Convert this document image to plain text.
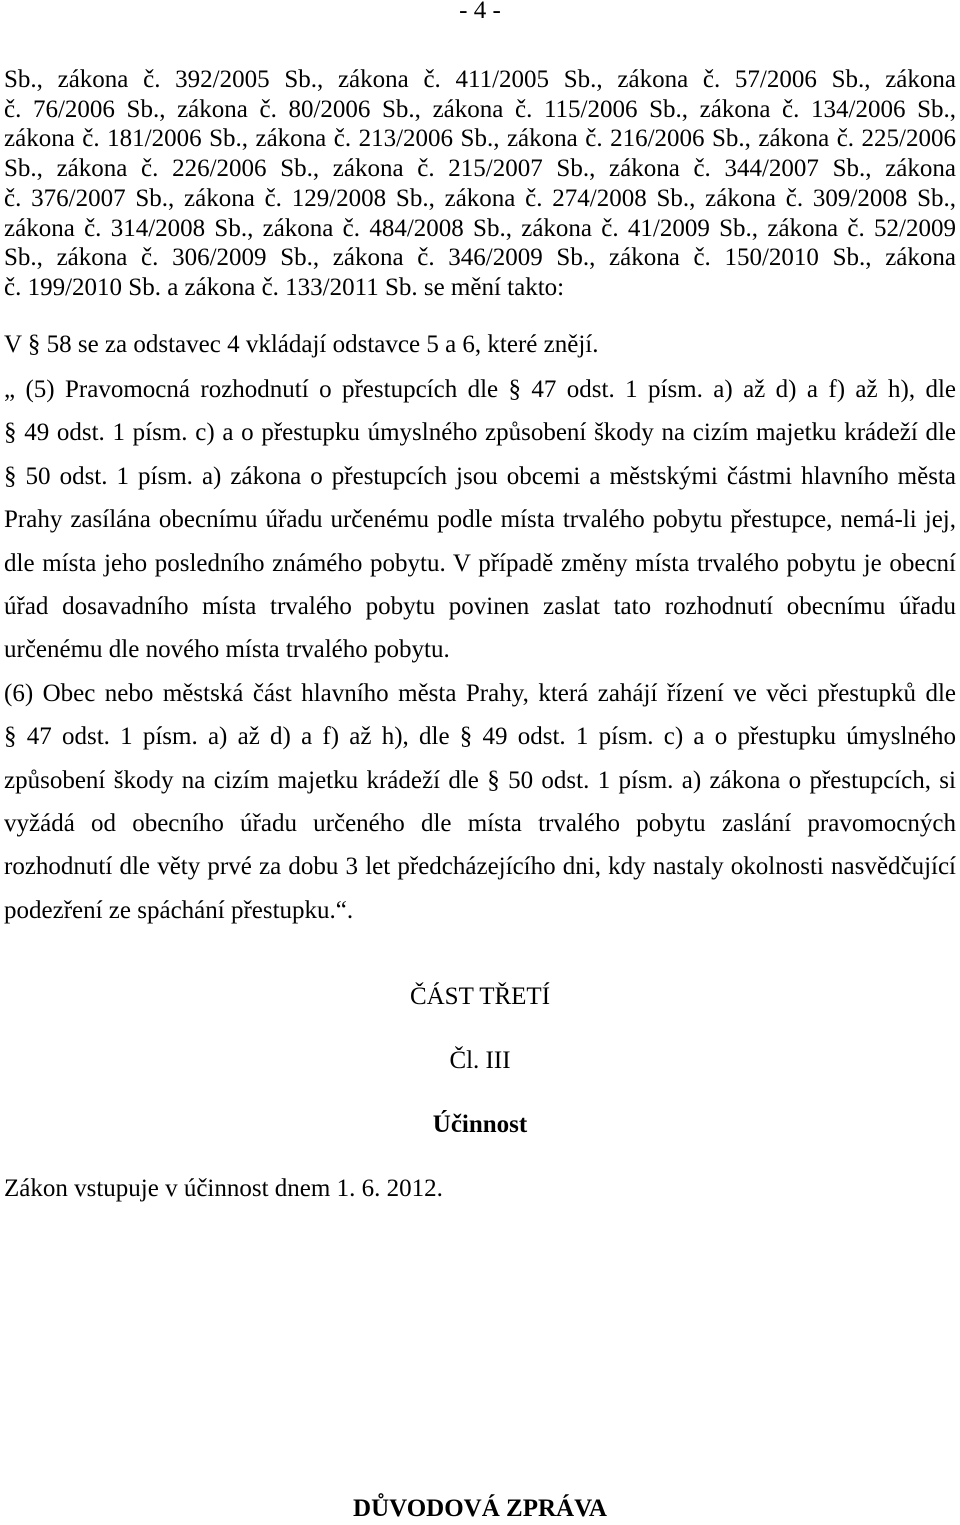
- 4 -
Sb., zákona č. 392/2005 Sb., zákona č. 411/2005 Sb., zákona č. 57/2006 Sb., zákona
č. 76/2006 Sb., zákona č. 80/2006 Sb., zákona č. 115/2006 Sb., zákona č. 134/2006 Sb.,
zákona č. 181/2006 Sb., zákona č. 213/2006 Sb., zákona č. 216/2006 Sb., zákona č. 225/2006
Sb., zákona č. 226/2006 Sb., zákona č. 215/2007 Sb., zákona č. 344/2007 Sb., zákona
č. 376/2007 Sb., zákona č. 129/2008 Sb., zákona č. 274/2008 Sb., zákona č. 309/2008 Sb.,
zákona č. 314/2008 Sb., zákona č. 484/2008 Sb., zákona č. 41/2009 Sb., zákona č. 52/2009
Sb., zákona č. 306/2009 Sb., zákona č. 346/2009 Sb., zákona č. 150/2010 Sb., zákona
č. 199/2010 Sb. a zákona č. 133/2011 Sb. se mění takto:
V § 58 se za odstavec 4 vkládají odstavce 5 a 6, které znějí.
„ (5) Pravomocná rozhodnutí o přestupcích dle § 47 odst. 1 písm. a) až d) a f) až h), dle
§ 49 odst. 1 písm. c) a o přestupku úmyslného způsobení škody na cizím majetku krádeží dle
§ 50 odst. 1 písm. a) zákona o přestupcích jsou obcemi a městskými částmi hlavního města
Prahy zasílána obecnímu úřadu určenému podle místa trvalého pobytu přestupce, nemá-li jej,
dle místa jeho posledního známého pobytu. V případě změny místa trvalého pobytu je obecní
úřad dosavadního místa trvalého pobytu povinen zaslat tato rozhodnutí obecnímu úřadu
určenému dle nového místa trvalého pobytu.
(6) Obec nebo městská část hlavního města Prahy, která zahájí řízení ve věci přestupků dle
§ 47 odst. 1 písm. a) až d) a f) až h), dle § 49 odst. 1 písm. c) a o přestupku úmyslného
způsobení škody na cizím majetku krádeží dle § 50 odst. 1 písm. a) zákona o přestupcích, si
vyžádá od obecního úřadu určeného dle místa trvalého pobytu zaslání pravomocných
rozhodnutí dle věty prvé za dobu 3 let předcházejícího dni, kdy nastaly okolnosti nasvědčující
podezření ze spáchání přestupku.“.
ČÁST TŘETÍ
Čl. III
Účinnost
Zákon vstupuje v účinnost dnem 1. 6. 2012.
DŮVODOVÁ ZPRÁVA
